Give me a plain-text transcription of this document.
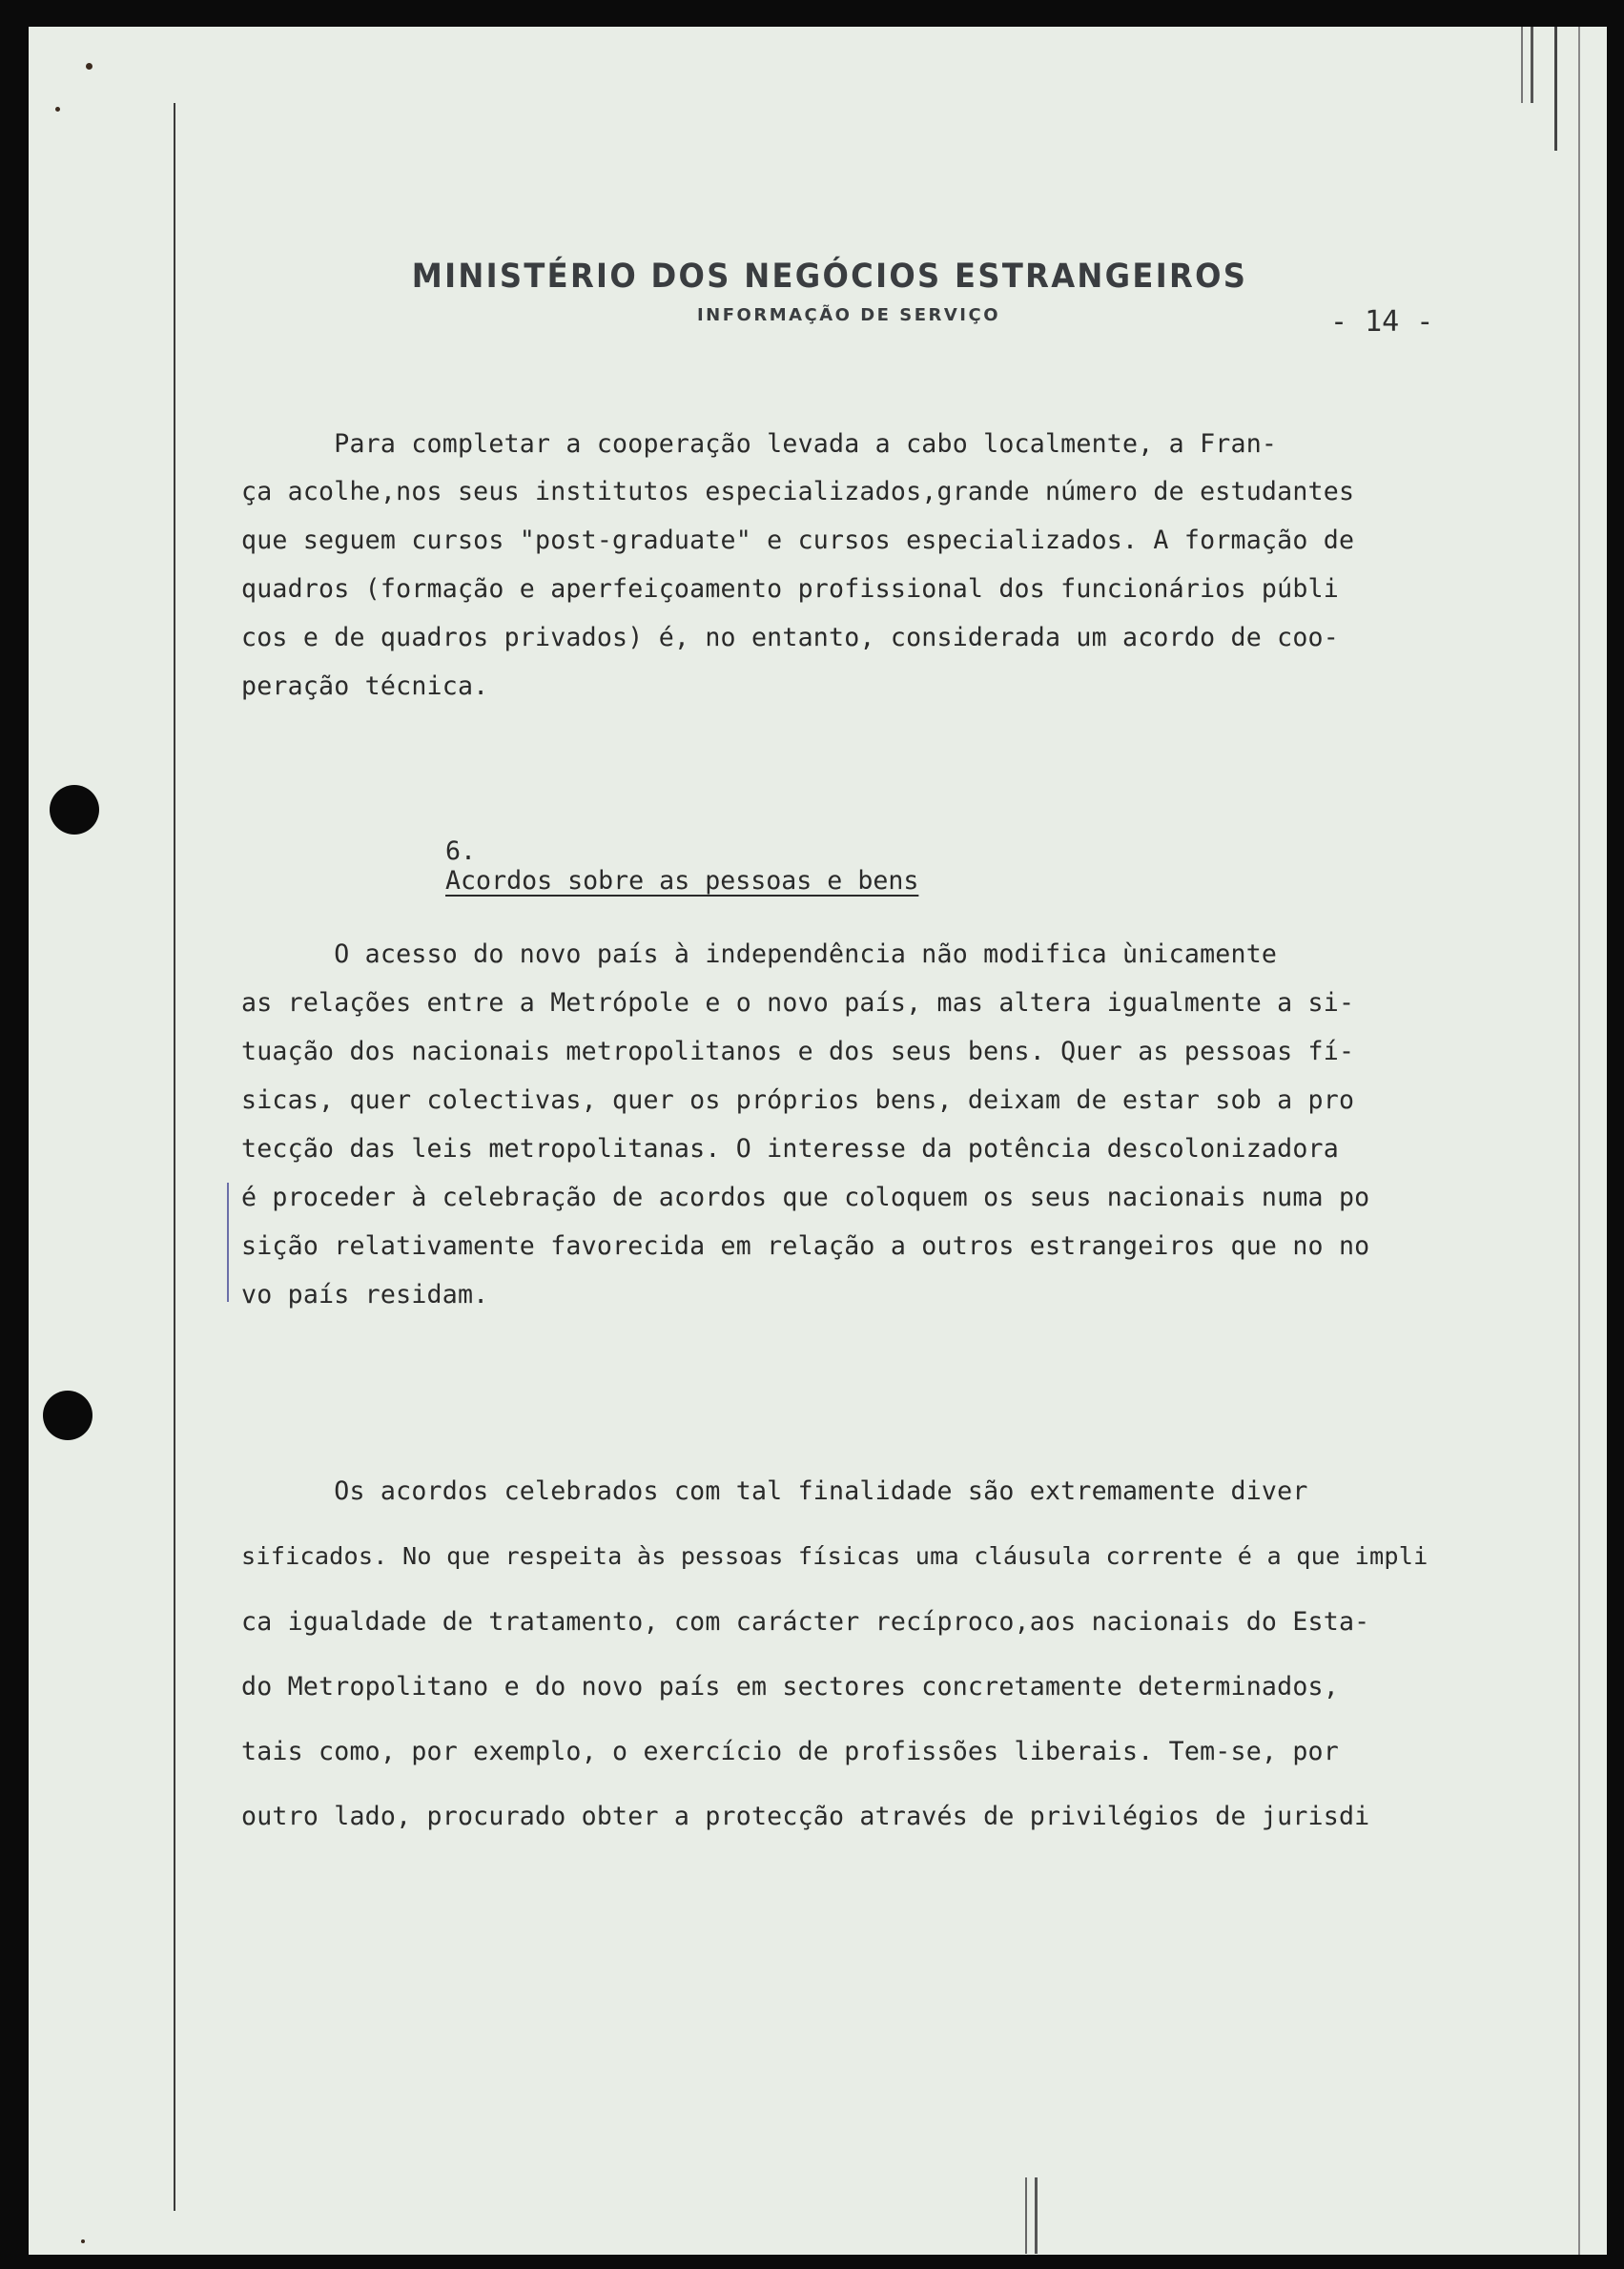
MINISTÉRIO DOS NEGÓCIOS ESTRANGEIROS
INFORMAÇÃO DE SERVIÇO	- 14 -

Para completar a cooperação levada a cabo localmente, a Fran-

ça acolhe,nos seus institutos especializados,grande número de estudantes

que seguem cursos "post-graduate" e cursos especializados. A formação de

quadros (formação e aperfeiçoamento profissional dos funcionários públi

cos e de quadros privados) é, no entanto, considerada um acordo de coo-

peração técnica.

6.
Acordos sobre as pessoas e bens

O acesso do novo país à independência não modifica ùnicamente

as relações entre a Metrópole e o novo país, mas altera igualmente a si-

tuação dos nacionais metropolitanos e dos seus bens. Quer as pessoas fí-

sicas, quer colectivas, quer os próprios bens, deixam de estar sob a pro

tecção das leis metropolitanas. O interesse da potência descolonizadora

é proceder à celebração de acordos que coloquem os seus nacionais numa po

sição relativamente favorecida em relação a outros estrangeiros que no no

vo país residam.

Os acordos celebrados com tal finalidade são extremamente diver

sificados. No que respeita às pessoas físicas uma cláusula corrente é a que impli

ca igualdade de tratamento, com carácter recíproco,aos nacionais do Esta-

do Metropolitano e do novo país em sectores concretamente determinados,

tais como, por exemplo, o exercício de profissões liberais. Tem-se, por

outro lado, procurado obter a protecção através de privilégios de jurisdi
